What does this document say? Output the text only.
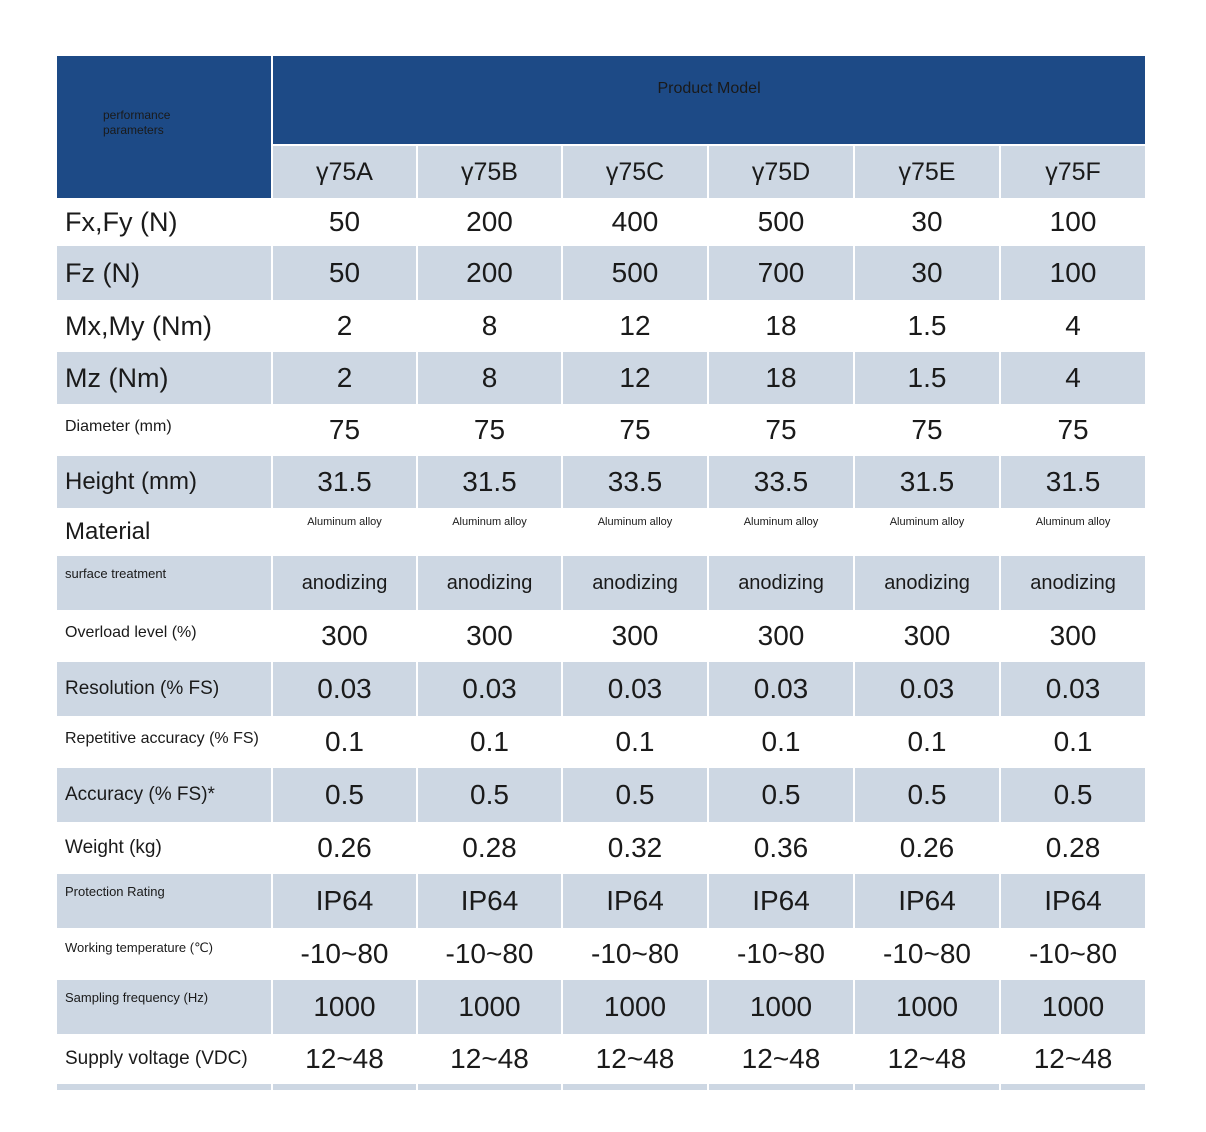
performance parameters	Product Model					
	γ75A	γ75B	γ75C	γ75D	γ75E	γ75F
Fx,Fy (N)	50	200	400	500	30	100
Fz (N)	50	200	500	700	30	100
Mx,My (Nm)	2	8	12	18	1.5	4
Mz (Nm)	2	8	12	18	1.5	4
Diameter (mm)	75	75	75	75	75	75
Height (mm)	31.5	31.5	33.5	33.5	31.5	31.5
Material	Aluminum alloy	Aluminum alloy	Aluminum alloy	Aluminum alloy	Aluminum alloy	Aluminum alloy
surface treatment	anodizing	anodizing	anodizing	anodizing	anodizing	anodizing
Overload level (%)	300	300	300	300	300	300
Resolution (% FS)	0.03	0.03	0.03	0.03	0.03	0.03
Repetitive accuracy (% FS)	0.1	0.1	0.1	0.1	0.1	0.1
Accuracy (% FS)*	0.5	0.5	0.5	0.5	0.5	0.5
Weight (kg)	0.26	0.28	0.32	0.36	0.26	0.28
Protection Rating	IP64	IP64	IP64	IP64	IP64	IP64
Working temperature (℃)	-10~80	-10~80	-10~80	-10~80	-10~80	-10~80
Sampling frequency (Hz)	1000	1000	1000	1000	1000	1000
Supply voltage (VDC)	12~48	12~48	12~48	12~48	12~48	12~48
